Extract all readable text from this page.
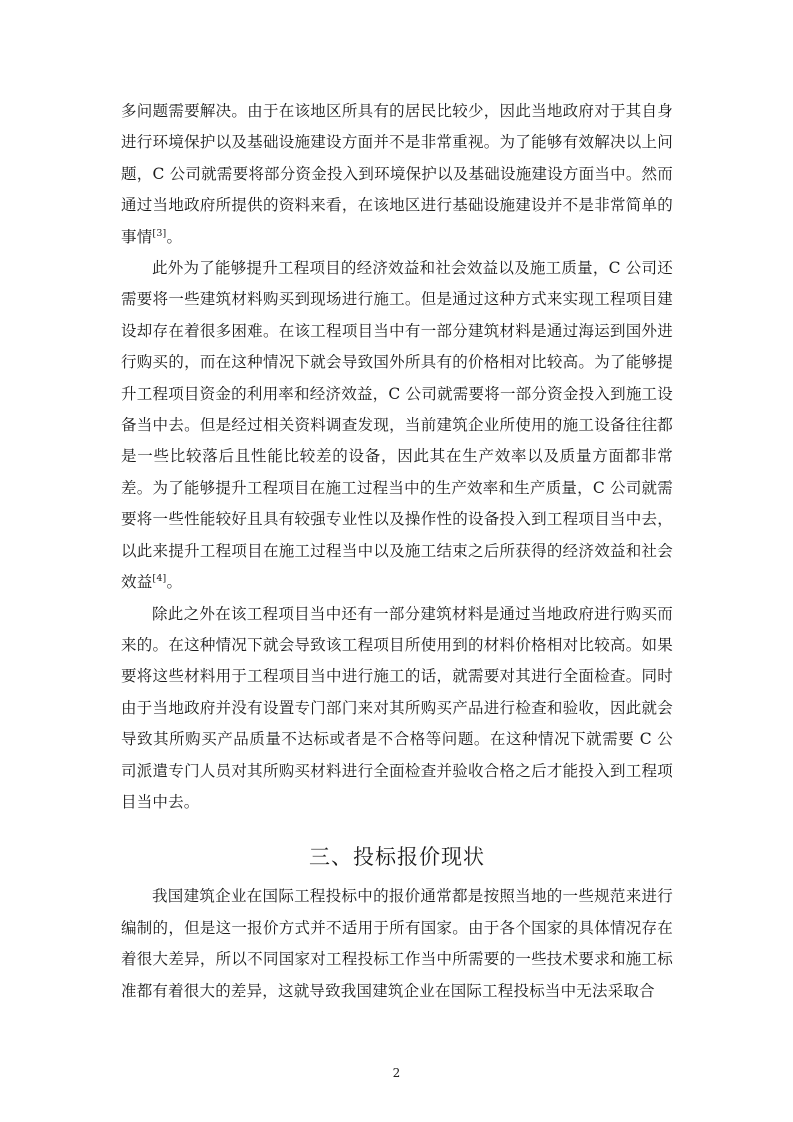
多问题需要解决。由于在该地区所具有的居民比较少，因此当地政府对于其自身进行环境保护以及基础设施建设方面并不是非常重视。为了能够有效解决以上问题，C 公司就需要将部分资金投入到环境保护以及基础设施建设方面当中。然而通过当地政府所提供的资料来看，在该地区进行基础设施建设并不是非常简单的事情[3]。

此外为了能够提升工程项目的经济效益和社会效益以及施工质量，C 公司还需要将一些建筑材料购买到现场进行施工。但是通过这种方式来实现工程项目建设却存在着很多困难。在该工程项目当中有一部分建筑材料是通过海运到国外进行购买的，而在这种情况下就会导致国外所具有的价格相对比较高。为了能够提升工程项目资金的利用率和经济效益，C 公司就需要将一部分资金投入到施工设备当中去。但是经过相关资料调查发现，当前建筑企业所使用的施工设备往往都是一些比较落后且性能比较差的设备，因此其在生产效率以及质量方面都非常差。为了能够提升工程项目在施工过程当中的生产效率和生产质量，C 公司就需要将一些性能较好且具有较强专业性以及操作性的设备投入到工程项目当中去，以此来提升工程项目在施工过程当中以及施工结束之后所获得的经济效益和社会效益[4]。

除此之外在该工程项目当中还有一部分建筑材料是通过当地政府进行购买而来的。在这种情况下就会导致该工程项目所使用到的材料价格相对比较高。如果要将这些材料用于工程项目当中进行施工的话，就需要对其进行全面检查。同时由于当地政府并没有设置专门部门来对其所购买产品进行检查和验收，因此就会导致其所购买产品质量不达标或者是不合格等问题。在这种情况下就需要 C 公司派遣专门人员对其所购买材料进行全面检查并验收合格之后才能投入到工程项目当中去。

三、投标报价现状

我国建筑企业在国际工程投标中的报价通常都是按照当地的一些规范来进行编制的，但是这一报价方式并不适用于所有国家。由于各个国家的具体情况存在着很大差异，所以不同国家对工程投标工作当中所需要的一些技术要求和施工标准都有着很大的差异，这就导致我国建筑企业在国际工程投标当中无法采取合

2
